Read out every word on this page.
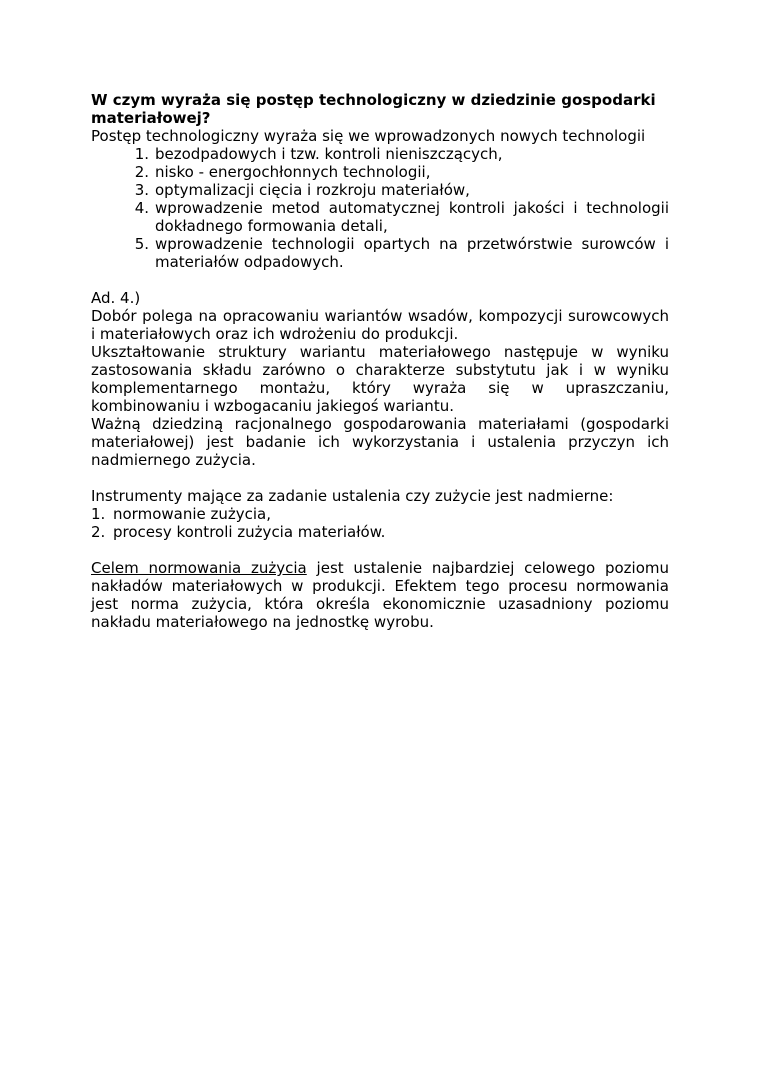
W czym wyraża się postęp technologiczny w dziedzinie gospodarki materiałowej?

Postęp technologiczny wyraża się we wprowadzonych nowych technologii

1. bezodpadowych i tzw. kontroli nieniszczących,
2. nisko - energochłonnych technologii,
3. optymalizacji cięcia i rozkroju materiałów,
4. wprowadzenie metod automatycznej kontroli jakości i technologii dokładnego formowania detali,
5. wprowadzenie technologii opartych na przetwórstwie surowców i materiałów odpadowych.

Ad. 4.)

Dobór polega na opracowaniu wariantów wsadów, kompozycji surowcowych i materiałowych oraz ich wdrożeniu do produkcji.

Ukształtowanie struktury wariantu materiałowego następuje w wyniku zastosowania składu zarówno o charakterze substytutu jak i w wyniku komplementarnego montażu, który wyraża się w upraszczaniu, kombinowaniu i wzbogacaniu jakiegoś wariantu.

Ważną dziedziną racjonalnego gospodarowania materiałami (gospodarki materiałowej) jest badanie ich wykorzystania i ustalenia przyczyn ich nadmiernego zużycia.

Instrumenty mające za zadanie ustalenia czy zużycie jest nadmierne:

1. normowanie zużycia,
2. procesy kontroli zużycia materiałów.

Celem normowania zużycia jest ustalenie najbardziej celowego poziomu nakładów materiałowych w produkcji. Efektem tego procesu normowania jest norma zużycia, która określa ekonomicznie uzasadniony poziomu nakładu materiałowego na jednostkę wyrobu.
